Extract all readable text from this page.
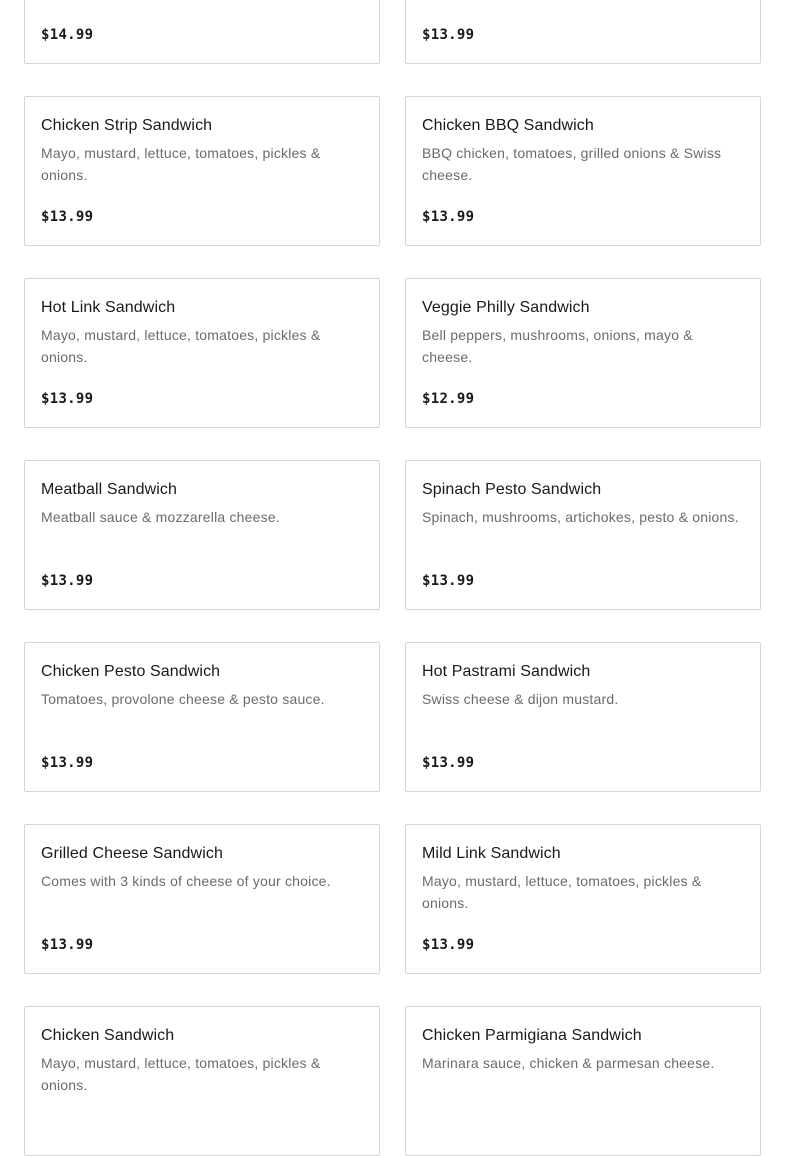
$14.99	$13.99
Chicken Strip Sandwich
Mayo, mustard, lettuce, tomatoes, pickles & onions.
$13.99
Chicken BBQ Sandwich
BBQ chicken, tomatoes, grilled onions & Swiss cheese.
$13.99
Hot Link Sandwich
Mayo, mustard, lettuce, tomatoes, pickles & onions.
$13.99
Veggie Philly Sandwich
Bell peppers, mushrooms, onions, mayo & cheese.
$12.99
Meatball Sandwich
Meatball sauce & mozzarella cheese.
$13.99
Spinach Pesto Sandwich
Spinach, mushrooms, artichokes, pesto & onions.
$13.99
Chicken Pesto Sandwich
Tomatoes, provolone cheese & pesto sauce.
$13.99
Hot Pastrami Sandwich
Swiss cheese & dijon mustard.
$13.99
Grilled Cheese Sandwich
Comes with 3 kinds of cheese of your choice.
$13.99
Mild Link Sandwich
Mayo, mustard, lettuce, tomatoes, pickles & onions.
$13.99
Chicken Sandwich
Mayo, mustard, lettuce, tomatoes, pickles & onions.
Chicken Parmigiana Sandwich
Marinara sauce, chicken & parmesan cheese.
